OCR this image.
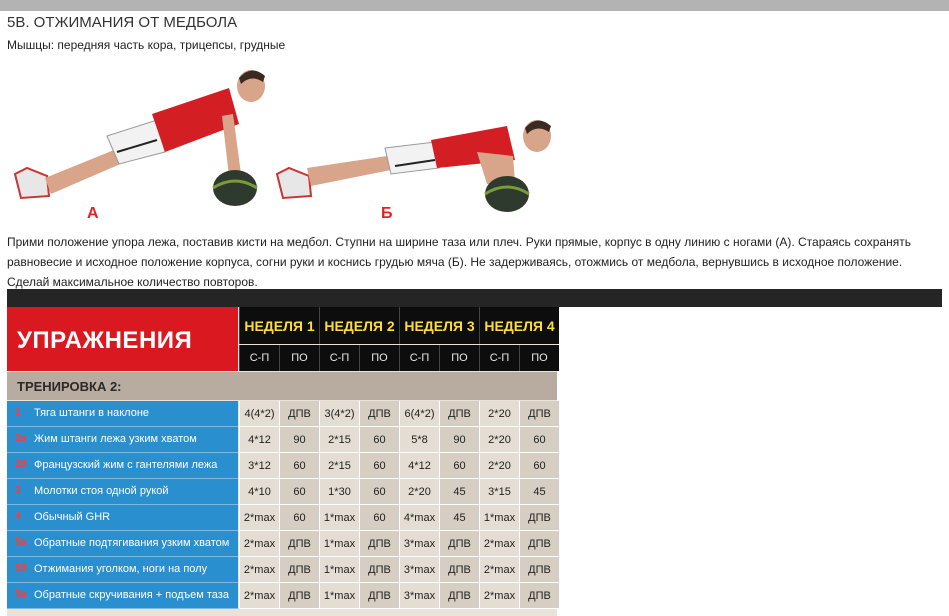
5В. ОТЖИМАНИЯ ОТ МЕДБОЛА
Мышцы: передняя часть кора, трицепсы, грудные
А	Б
Прими положение упора лежа, поставив кисти на медбол. Ступни на ширине таза или плеч. Руки прямые, корпус в одну линию с ногами (А). Стараясь сохранять равновесие и исходное положение корпуса, согни руки и коснись грудью мяча (Б). Не задерживаясь, отожмись от медбола, вернувшись в исходное положение. Сделай максимальное количество повторов.
УПРАЖНЕНИЯ
НЕДЕЛЯ 1
С-П	ПО
НЕДЕЛЯ 2
С-П	ПО
НЕДЕЛЯ 3
С-П	ПО
НЕДЕЛЯ 4
С-П	ПО
ТРЕНИРОВКА 2:
1	Тяга штанги в наклоне	4(4*2)	ДПВ	3(4*2)	ДПВ	6(4*2)	ДПВ	2*20	ДПВ
2а Жим штанги лежа узким хватом	4*12	90	2*15	60	5*8	90	2*20	60
2б Французский жим с гантелями лежа	3*12	60	2*15	60	4*12	60	2*20	60
3	Молотки стоя одной рукой	4*10	60	1*30	60	2*20	45	3*15	45
4	Обычный GHR	2*max	60	1*max	60	4*max	45	1*max	ДПВ
5а Обратные подтягивания узким хватом	2*max	ДПВ	1*max	ДПВ	3*max	ДПВ	2*max	ДПВ
5б Отжимания уголком, ноги на полу	2*max	ДПВ	1*max	ДПВ	3*max	ДПВ	2*max	ДПВ
5в Обратные скручивания + подъем таза	2*max	ДПВ	1*max	ДПВ	3*max	ДПВ	2*max	ДПВ
